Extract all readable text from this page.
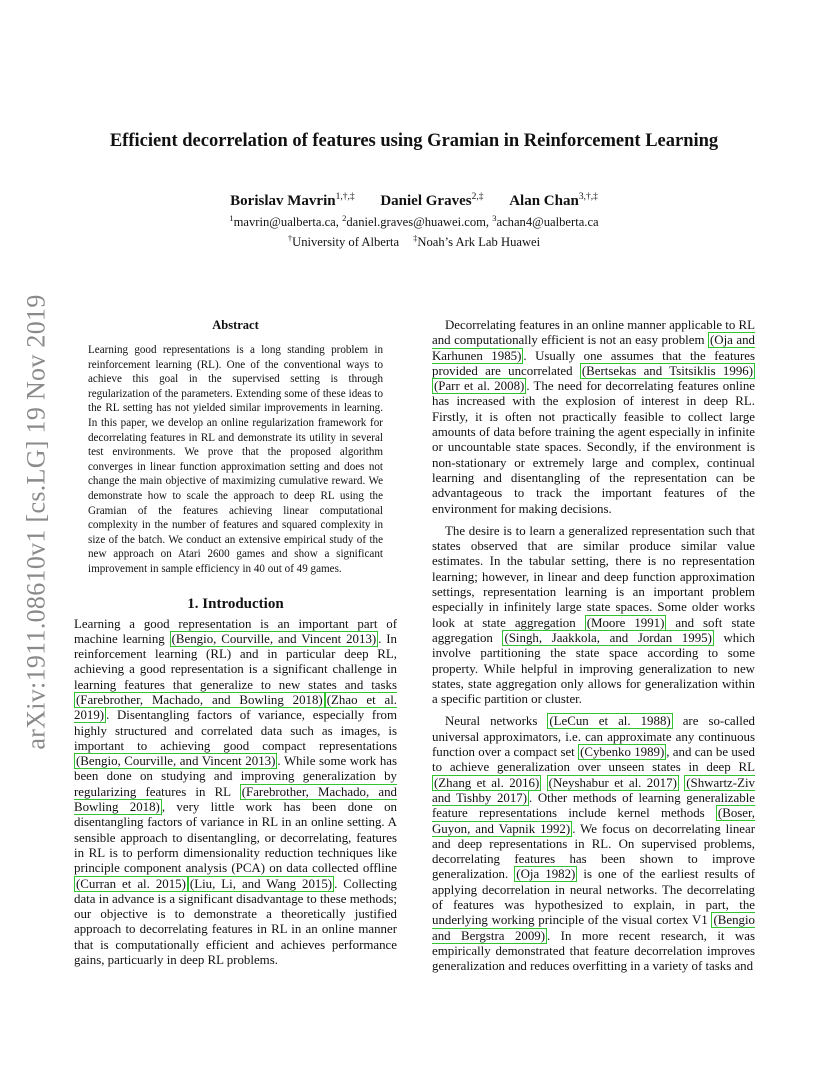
arXiv:1911.08610v1 [cs.LG] 19 Nov 2019
Efficient decorrelation of features using Gramian in Reinforcement Learning
Borislav Mavrin$^{1,\dagger,\ddagger}$ Daniel Graves$^{2,\ddagger}$ Alan Chan$^{3,\dagger,\ddagger}$
$^1$mavrin@ualberta.ca, $^2$daniel.graves@huawei.com, $^3$achan4@ualberta.ca
†University of Alberta ‡Noah’s Ark Lab Huawei
Abstract

Learning good representations is a long standing problem in reinforcement learning (RL). One of the conventional ways to achieve this goal in the supervised setting is through regularization of the parameters. Extending some of these ideas to the RL setting has not yielded similar improvements in learning. In this paper, we develop an online regularization framework for decorrelating features in RL and demonstrate its utility in several test environments. We prove that the proposed algorithm converges in linear function approximation setting and does not change the main objective of maximizing cumulative reward. We demonstrate how to scale the approach to deep RL using the Gramian of the features achieving linear computational complexity in the number of features and squared complexity in size of the batch. We conduct an extensive empirical study of the new approach on Atari 2600 games and show a significant improvement in sample efficiency in 40 out of 49 games.

1. Introduction

Learning a good representation is an important part of machine learning (Bengio, Courville, and Vincent 2013) . In reinforcement learning (RL) and in particular deep RL, achieving a good representation is a significant challenge in learning features that generalize to new states and tasks (Farebrother, Machado, and Bowling 2018) (Zhao et al. 2019) . Disentangling factors of variance, especially from highly structured and correlated data such as images, is important to achieving good compact representations (Bengio, Courville, and Vincent 2013) . While some work has been done on studying and improving generalization by regularizing features in RL (Farebrother, Machado, and Bowling 2018) , very little work has been done on disentangling factors of variance in RL in an online setting. A sensible approach to disentangling, or decorrelating, features in RL is to perform dimensionality reduction techniques like principle component analysis (PCA) on data collected offline (Curran et al. 2015) (Liu, Li, and Wang 2015) . Collecting data in advance is a significant disadvantage to these methods; our objective is to demonstrate a theoretically justified approach to decorrelating features in RL in an online manner that is computationally efficient and achieves performance gains, particuarly in deep RL problems.

Decorrelating features in an online manner applicable to RL and computationally efficient is not an easy problem (Oja and Karhunen 1985) . Usually one assumes that the features provided are uncorrelated (Bertsekas and Tsitsiklis 1996) (Parr et al. 2008) . The need for decorrelating features online has increased with the explosion of interest in deep RL. Firstly, it is often not practically feasible to collect large amounts of data before training the agent especially in infinite or uncountable state spaces. Secondly, if the environment is non-stationary or extremely large and complex, continual learning and disentangling of the representation can be advantageous to track the important features of the environment for making decisions.

The desire is to learn a generalized representation such that states observed that are similar produce similar value estimates. In the tabular setting, there is no representation learning; however, in linear and deep function approximation settings, representation learning is an important problem especially in infinitely large state spaces. Some older works look at state aggregation (Moore 1991) and soft state aggregation (Singh, Jaakkola, and Jordan 1995) which involve partitioning the state space according to some property. While helpful in improving generalization to new states, state aggregation only allows for generalization within a specific partition or cluster.

Neural networks (LeCun et al. 1988) are so-called universal approximators, i.e. can approximate any continuous function over a compact set (Cybenko 1989) , and can be used to achieve generalization over unseen states in deep RL (Zhang et al. 2016) (Neyshabur et al. 2017) (Shwartz-Ziv and Tishby 2017) . Other methods of learning generalizable feature representations include kernel methods (Boser, Guyon, and Vapnik 1992) . We focus on decorrelating linear and deep representations in RL. On supervised problems, decorrelating features has been shown to improve generalization. (Oja 1982) is one of the earliest results of applying decorrelation in neural networks. The decorrelating of features was hypothesized to explain, in part, the underlying working principle of the visual cortex V1 (Bengio and Bergstra 2009) . In more recent research, it was empirically demonstrated that feature decorrelation improves generalization and reduces overfitting in a variety of tasks and
